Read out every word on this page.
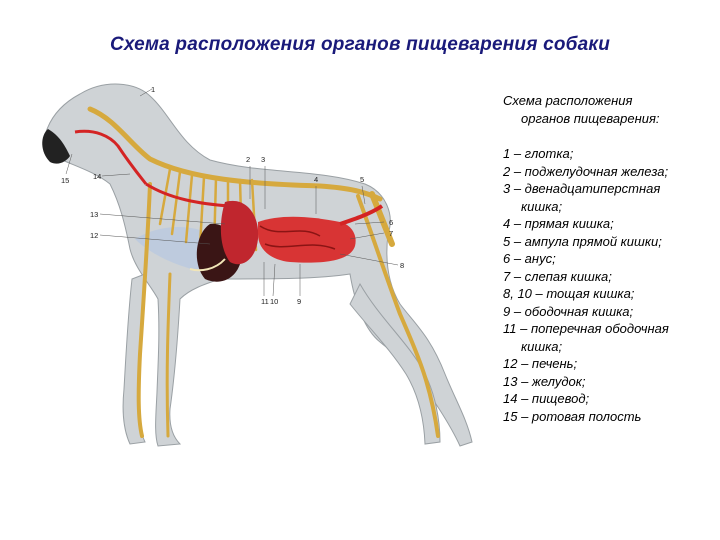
Схема расположения органов пищеварения собаки
1
2 3
4	5
6
7
8
9
10
11
12
13
14
15
Схема расположения
органов пищеварения:
1 – глотка;
2 – поджелудочная железа;
3 – двенадцатиперстная
кишка;
4 – прямая кишка;
5 – ампула прямой кишки;
6 – анус;
7 – слепая кишка;
8, 10 – тощая кишка;
9 – ободочная кишка;
11 – поперечная ободочная
кишка;
12 – печень;
13 – желудок;
14 – пищевод;
15 – ротовая полость
